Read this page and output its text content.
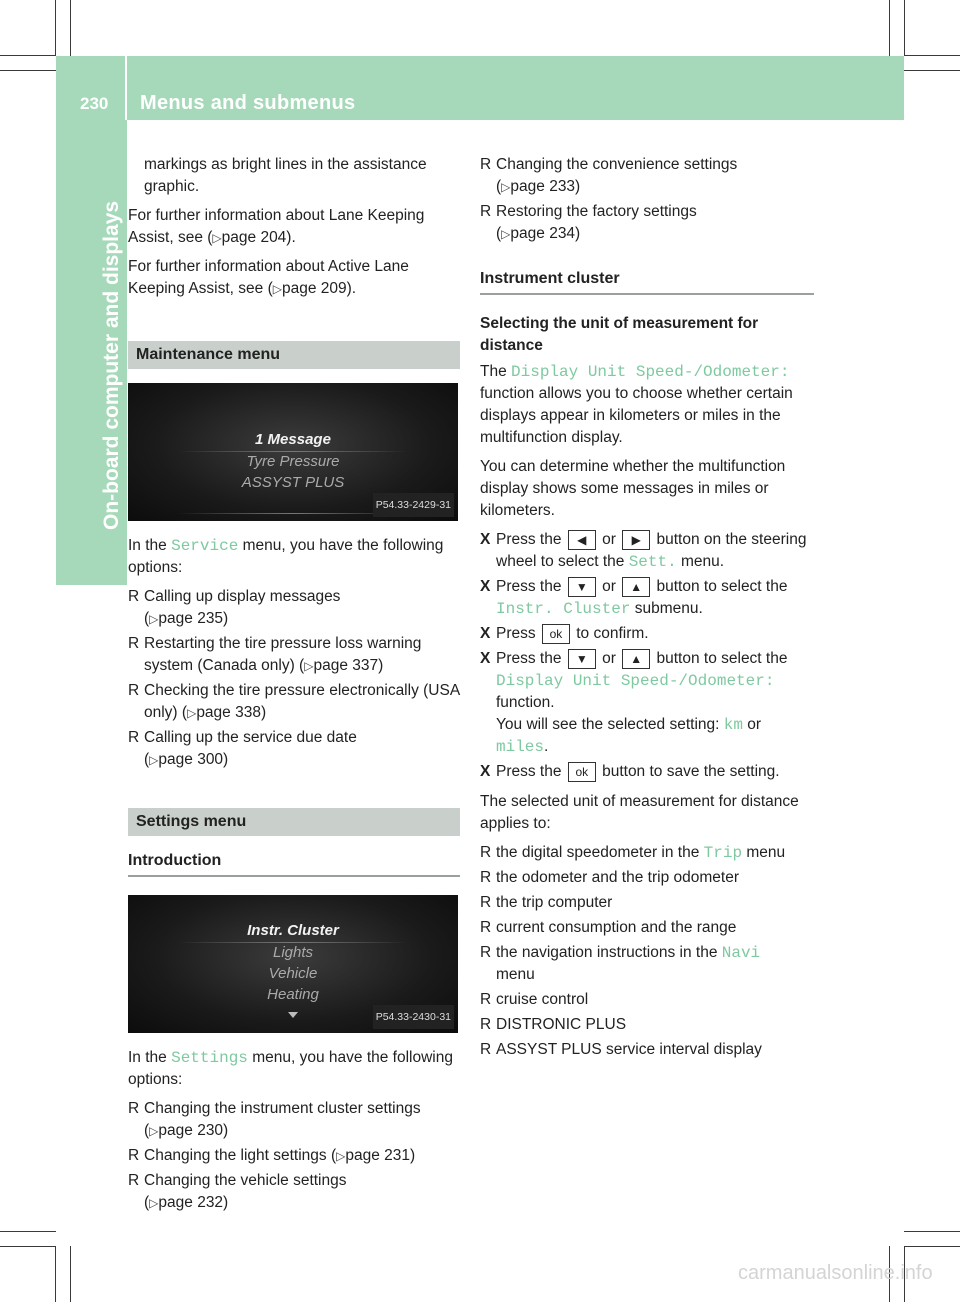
230 Menus and submenus
On-board computer and displays

markings as bright lines in the assistance graphic.

For further information about Lane Keeping Assist, see (▷page 204).

For further information about Active Lane Keeping Assist, see (▷page 209).

Maintenance menu
1 Message
Tyre Pressure
ASSYST PLUS
P54.33-2429-31

In the Service menu, you have the following options:

R Calling up display messages
(▷page 235)
R Restarting the tire pressure loss warning system (Canada only) (▷page 337)
R Checking the tire pressure electronically (USA only) (▷page 338)
R Calling up the service due date
(▷page 300)
Settings menu
Introduction
Instr. Cluster
Lights
Vehicle
Heating
P54.33-2430-31

In the Settings menu, you have the following options:

R Changing the instrument cluster settings
(▷page 230)
R Changing the light settings (▷page 231)
R Changing the vehicle settings
(▷page 232)
R Changing the convenience settings
(▷page 233)
R Restoring the factory settings
(▷page 234)
Instrument cluster
Selecting the unit of measurement for distance

The Display Unit Speed-/Odometer:
function allows you to choose whether certain displays appear in kilometers or miles in the multifunction display.

You can determine whether the multifunction display shows some messages in miles or kilometers.

X Press the ◀ or ▶ button on the steering wheel to select the Sett. menu.
X Press the ▼ or ▲ button to select the
Instr. Cluster submenu.
X Press ok to confirm.
X Press the ▼ or ▲ button to select the
Display Unit Speed-/Odometer:
function.
You will see the selected setting: km or
miles.
X Press the ok button to save the setting.

The selected unit of measurement for distance applies to:

R the digital speedometer in the Trip menu
R the odometer and the trip odometer
R the trip computer
R current consumption and the range
R the navigation instructions in the Navi
menu
R cruise control
R DISTRONIC PLUS
R ASSYST PLUS service interval display
carmanualsonline.info
